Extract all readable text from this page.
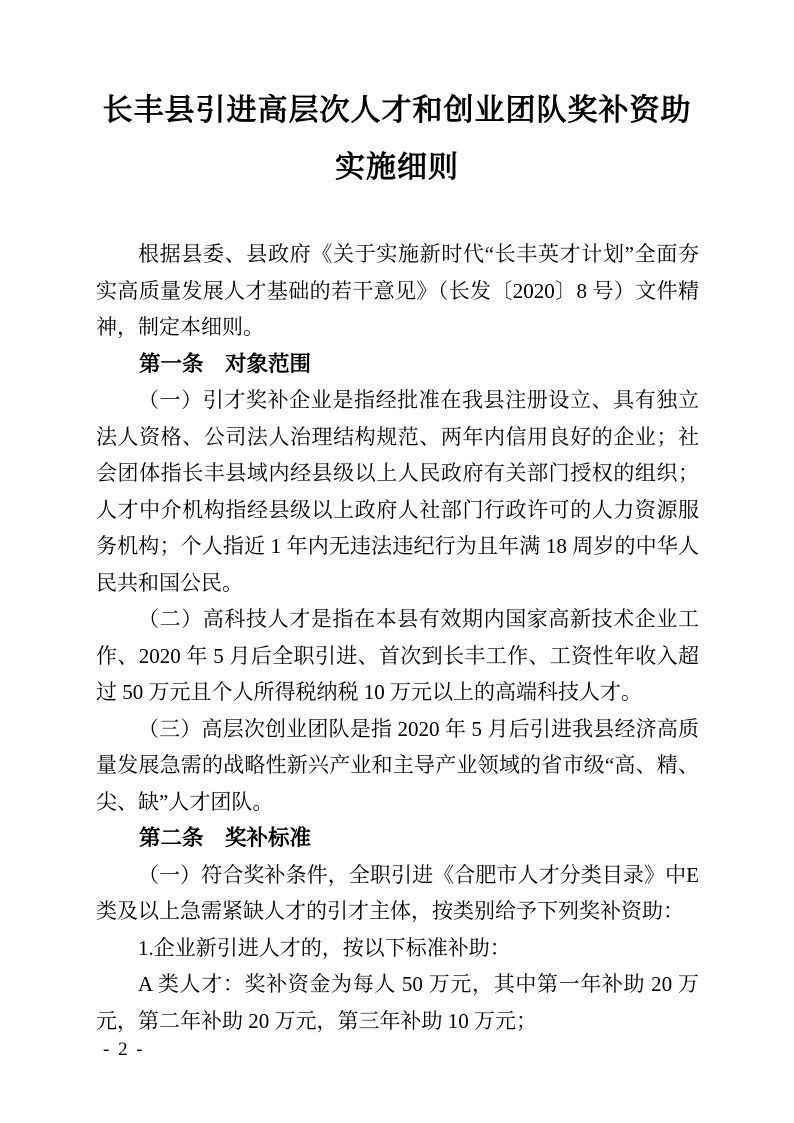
长丰县引进高层次人才和创业团队奖补资助
实施细则

根据县委、县政府《关于实施新时代“长丰英才计划”全面夯实高质量发展人才基础的若干意见》（长发〔2020〕8 号）文件精神，制定本细则。

第一条　对象范围

（一）引才奖补企业是指经批准在我县注册设立、具有独立法人资格、公司法人治理结构规范、两年内信用良好的企业；社会团体指长丰县域内经县级以上人民政府有关部门授权的组织；人才中介机构指经县级以上政府人社部门行政许可的人力资源服务机构；个人指近 1 年内无违法违纪行为且年满 18 周岁的中华人民共和国公民。

（二）高科技人才是指在本县有效期内国家高新技术企业工作、2020 年 5 月后全职引进、首次到长丰工作、工资性年收入超过 50 万元且个人所得税纳税 10 万元以上的高端科技人才。

（三）高层次创业团队是指 2020 年 5 月后引进我县经济高质量发展急需的战略性新兴产业和主导产业领域的省市级“高、精、尖、缺”人才团队。

第二条　奖补标准

（一）符合奖补条件，全职引进《合肥市人才分类目录》中E 类及以上急需紧缺人才的引才主体，按类别给予下列奖补资助：

1.企业新引进人才的，按以下标准补助：

A 类人才：奖补资金为每人 50 万元，其中第一年补助 20 万元，第二年补助 20 万元，第三年补助 10 万元；

- 2 -
